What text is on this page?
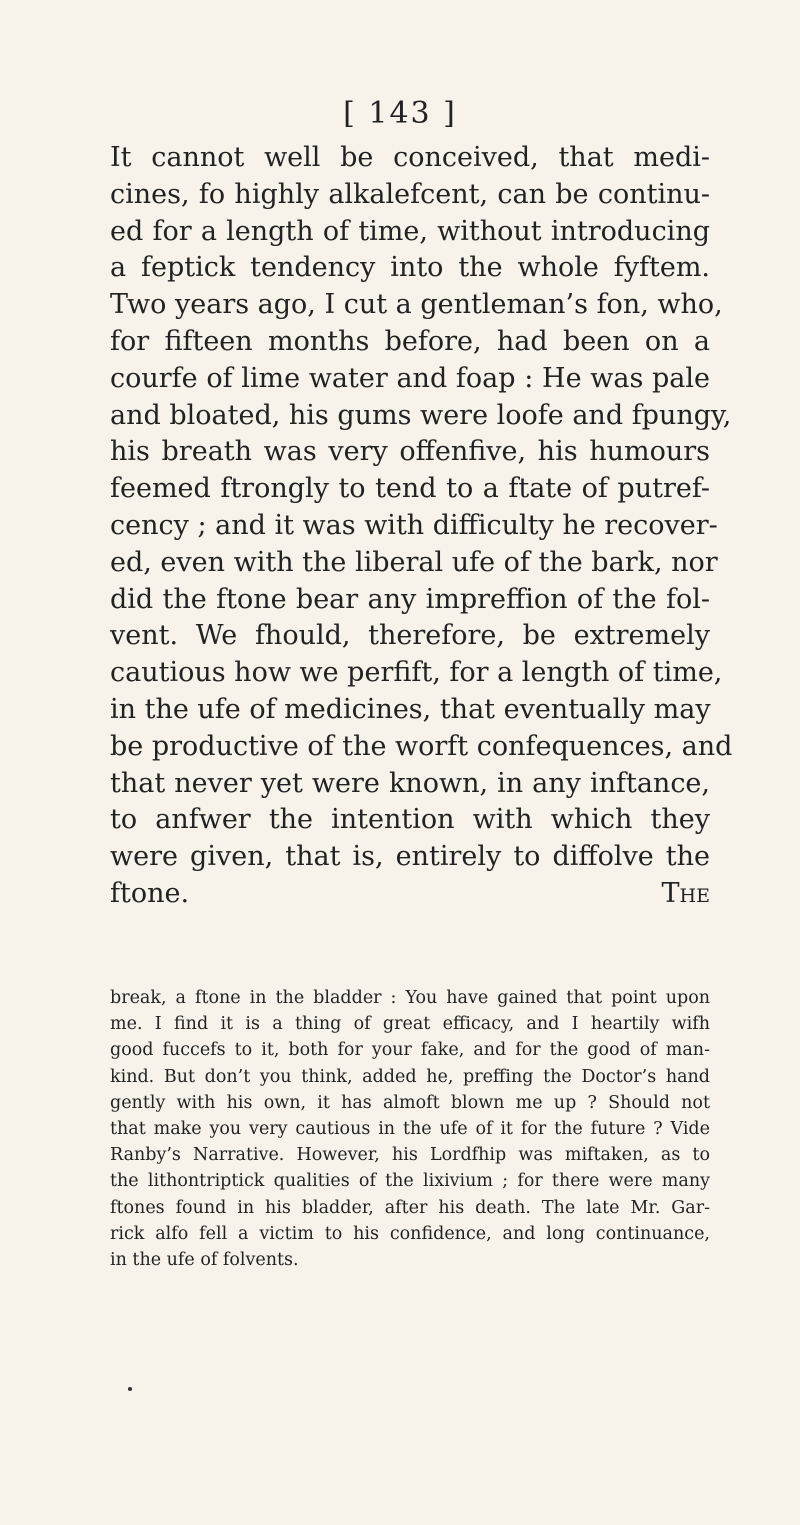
[ 143 ]
It cannot well be conceived, that medi-
cines, fo highly alkalefcent, can be continu-
ed for a length of time, without introducing
a feptick tendency into the whole fyftem.
Two years ago, I cut a gentleman’s fon, who,
for fifteen months before, had been on a
courfe of lime water and foap : He was pale
and bloated, his gums were loofe and fpungy,
his breath was very offenfive, his humours
feemed ftrongly to tend to a ftate of putref-
cency ; and it was with difficulty he recover-
ed, even with the liberal ufe of the bark, nor
did the ftone bear any impreffion of the fol-
vent. We fhould, therefore, be extremely
cautious how we perfift, for a length of time,
in the ufe of medicines, that eventually may
be productive of the worft confequences, and
that never yet were known, in any inftance,
to anfwer the intention with which they
were given, that is, entirely to diffolve the
ftone.	The
break, a ftone in the bladder : You have gained that point upon
me. I find it is a thing of great efficacy, and I heartily wifh
good fuccefs to it, both for your fake, and for the good of man-
kind. But don’t you think, added he, preffing the Doctor’s hand
gently with his own, it has almoft blown me up ? Should not
that make you very cautious in the ufe of it for the future ? Vide
Ranby’s Narrative. However, his Lordfhip was miftaken, as to
the lithontriptick qualities of the lixivium ; for there were many
ftones found in his bladder, after his death. The late Mr. Gar-
rick alfo fell a victim to his confidence, and long continuance,
in the ufe of folvents.
